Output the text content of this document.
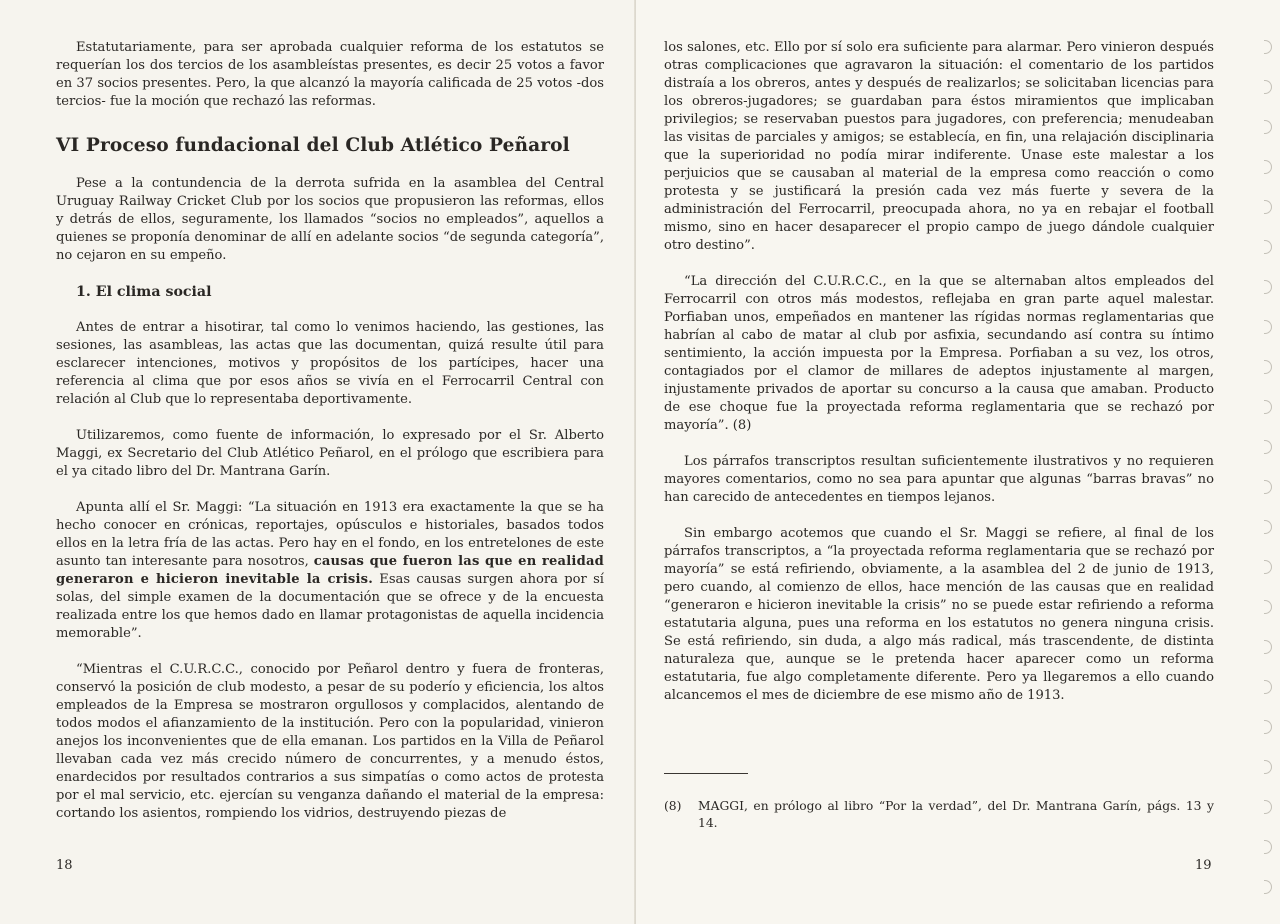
Estatutariamente, para ser aprobada cualquier reforma de los estatutos se requerían los dos tercios de los asambleístas presentes, es decir 25 votos a favor en 37 socios presentes. Pero, la que alcanzó la mayoría calificada de 25 votos -dos tercios- fue la moción que rechazó las reformas.

VI Proceso fundacional del Club Atlético Peñarol

Pese a la contundencia de la derrota sufrida en la asamblea del Central Uruguay Railway Cricket Club por los socios que propusieron las reformas, ellos y detrás de ellos, seguramente, los llamados “socios no empleados”, aquellos a quienes se proponía denominar de allí en adelante socios “de segunda categoría”, no cejaron en su empeño.

1. El clima social

Antes de entrar a hisotirar, tal como lo venimos haciendo, las gestiones, las sesiones, las asambleas, las actas que las documentan, quizá resulte útil para esclarecer intenciones, motivos y propósitos de los partícipes, hacer una referencia al clima que por esos años se vivía en el Ferrocarril Central con relación al Club que lo representaba deportivamente.

Utilizaremos, como fuente de información, lo expresado por el Sr. Alberto Maggi, ex Secretario del Club Atlético Peñarol, en el prólogo que escribiera para el ya citado libro del Dr. Mantrana Garín.

Apunta allí el Sr. Maggi: “La situación en 1913 era exactamente la que se ha hecho conocer en crónicas, reportajes, opúsculos e historiales, basados todos ellos en la letra fría de las actas. Pero hay en el fondo, en los entretelones de este asunto tan interesante para nosotros, causas que fueron las que en realidad generaron e hicieron inevitable la crisis. Esas causas surgen ahora por sí solas, del simple examen de la documentación que se ofrece y de la encuesta realizada entre los que hemos dado en llamar protagonistas de aquella incidencia memorable”.

“Mientras el C.U.R.C.C., conocido por Peñarol dentro y fuera de fronteras, conservó la posición de club modesto, a pesar de su poderío y eficiencia, los altos empleados de la Empresa se mostraron orgullosos y complacidos, alentando de todos modos el afianzamiento de la institución. Pero con la popularidad, vinieron anejos los inconvenientes que de ella emanan. Los partidos en la Villa de Peñarol llevaban cada vez más crecido número de concurrentes, y a menudo éstos, enardecidos por resultados contrarios a sus simpatías o como actos de protesta por el mal servicio, etc. ejercían su venganza dañando el material de la empresa: cortando los asientos, rompiendo los vidrios, destruyendo piezas de

18

los salones, etc. Ello por sí solo era suficiente para alarmar. Pero vinieron después otras complicaciones que agravaron la situación: el comentario de los partidos distraía a los obreros, antes y después de realizarlos; se solicitaban licencias para los obreros-jugadores; se guardaban para éstos miramientos que implicaban privilegios; se reservaban puestos para jugadores, con preferencia; menudeaban las visitas de parciales y amigos; se establecía, en fin, una relajación disciplinaria que la superioridad no podía mirar indiferente. Unase este malestar a los perjuicios que se causaban al material de la empresa como reacción o como protesta y se justificará la presión cada vez más fuerte y severa de la administración del Ferrocarril, preocupada ahora, no ya en rebajar el football mismo, sino en hacer desaparecer el propio campo de juego dándole cualquier otro destino”.

“La dirección del C.U.R.C.C., en la que se alternaban altos empleados del Ferrocarril con otros más modestos, reflejaba en gran parte aquel malestar. Porfiaban unos, empeñados en mantener las rígidas normas reglamentarias que habrían al cabo de matar al club por asfixia, secundando así contra su íntimo sentimiento, la acción impuesta por la Empresa. Porfiaban a su vez, los otros, contagiados por el clamor de millares de adeptos injustamente al margen, injustamente privados de aportar su concurso a la causa que amaban. Producto de ese choque fue la proyectada reforma reglamentaria que se rechazó por mayoría”. (8)

Los párrafos transcriptos resultan suficientemente ilustrativos y no requieren mayores comentarios, como no sea para apuntar que algunas “barras bravas” no han carecido de antecedentes en tiempos lejanos.

Sin embargo acotemos que cuando el Sr. Maggi se refiere, al final de los párrafos transcriptos, a “la proyectada reforma reglamentaria que se rechazó por mayoría” se está refiriendo, obviamente, a la asamblea del 2 de junio de 1913, pero cuando, al comienzo de ellos, hace mención de las causas que en realidad “generaron e hicieron inevitable la crisis” no se puede estar refiriendo a reforma estatutaria alguna, pues una reforma en los estatutos no genera ninguna crisis. Se está refiriendo, sin duda, a algo más radical, más trascendente, de distinta naturaleza que, aunque se le pretenda hacer aparecer como un reforma estatutaria, fue algo completamente diferente. Pero ya llegaremos a ello cuando alcancemos el mes de diciembre de ese mismo año de 1913.

(8) MAGGI, en prólogo al libro “Por la verdad”, del Dr. Mantrana Garín, págs. 13 y 14.
19
